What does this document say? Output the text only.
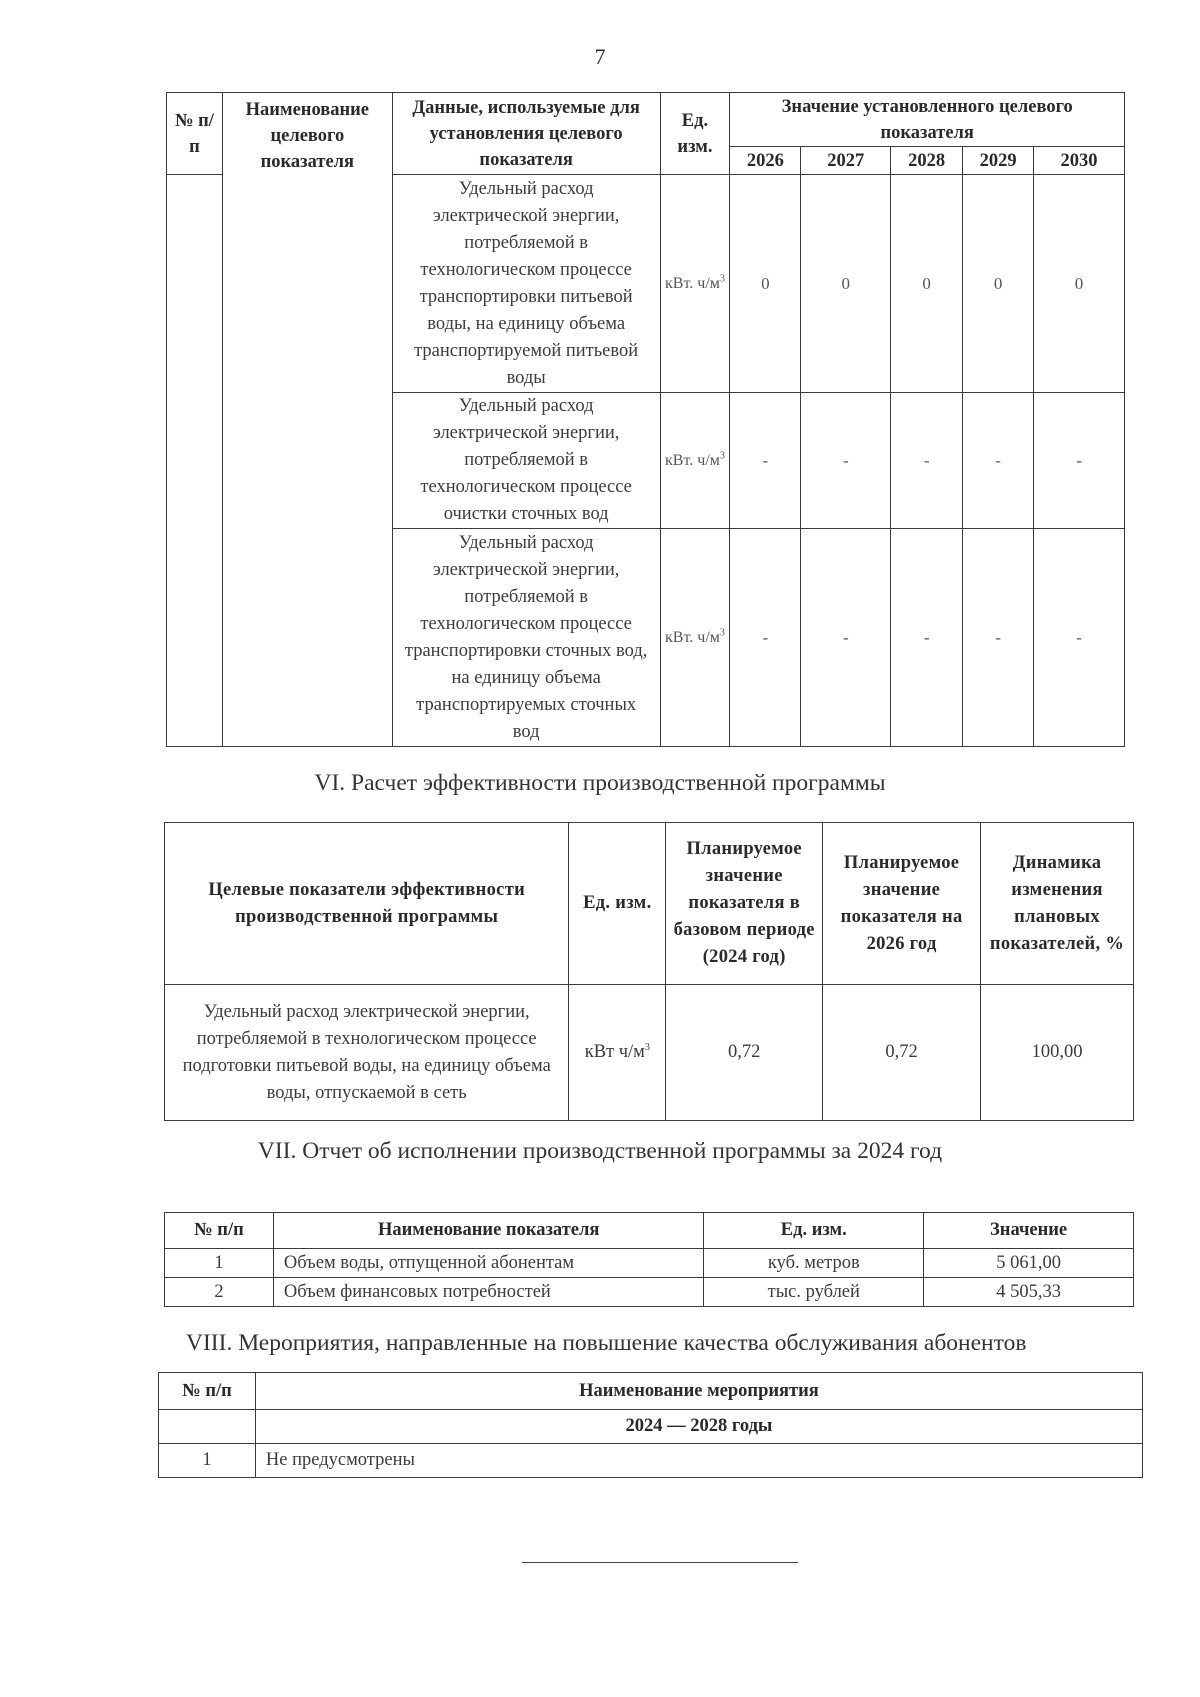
7
№ п/п	Наименование целевого показателя	Данные, используемые для установления целевого показателя	Ед. изм.	Значение установленного целевого показателя				
				2026	2027	2028	2029	2030
		Удельный расход электрической энергии, потребляемой в технологическом процессе транспортировки питьевой воды, на единицу объема транспортируемой питьевой воды	кВт. $ч/м^3$	0	0	0	0	0
		Удельный расход электрической энергии, потребляемой в технологическом процессе очистки сточных вод	кВт. $ч/м^3$	-	-	-	-	-
		Удельный расход электрической энергии, потребляемой в технологическом процессе транспортировки сточных вод, на единицу объема транспортируемых сточных вод	кВт. $ч/м^3$	-	-	-	-	-
VI. Расчет эффективности производственной программы
Целевые показатели эффективности производственной программы	Ед. изм.	Планируемое значение показателя в базовом периоде (2024 год)	Планируемое значение показателя на 2026 год	Динамика изменения плановых показателей, %
Удельный расход электрической энергии, потребляемой в технологическом процессе подготовки питьевой воды, на единицу объема воды, отпускаемой в сеть	кВт $ч/м^3$	0,72	0,72	100,00
VII. Отчет об исполнении производственной программы за 2024 год
№ п/п	Наименование показателя	Ед. изм.	Значение
1	Объем воды, отпущенной абонентам	куб. метров	5 061,00
2	Объем финансовых потребностей	тыс. рублей	4 505,33
VIII. Мероприятия, направленные на повышение качества обслуживания абонентов
№ п/п	Наименование мероприятия
	2024 — 2028 годы
1	Не предусмотрены
